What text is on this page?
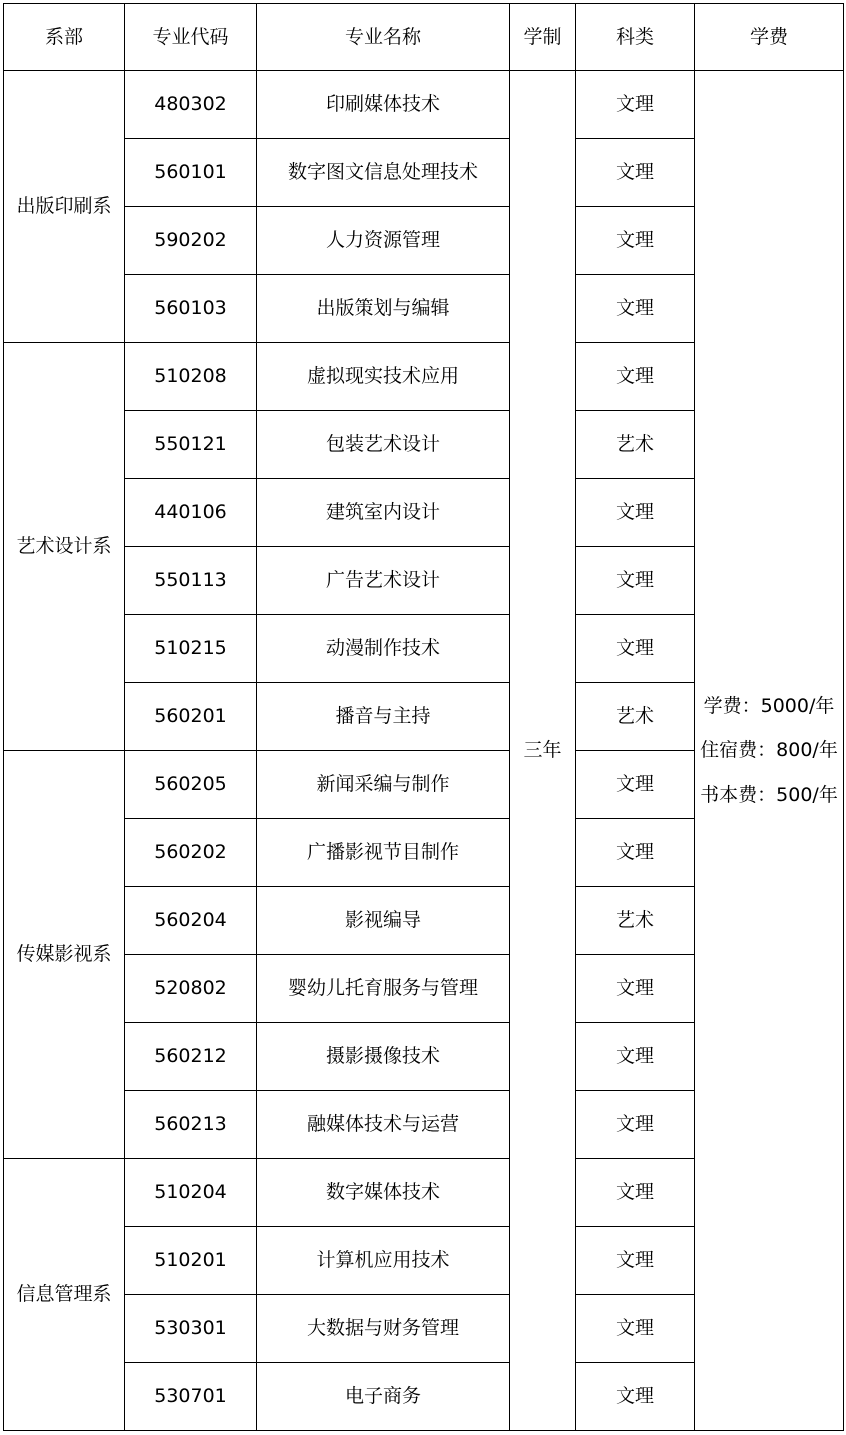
系部	专业代码	专业名称	学制	科类	学费
出版印刷系	480302	印刷媒体技术	三年	文理	学费：5000/年
住宿费：800/年
书本费：500/年

	560101	数字图文信息处理技术		文理	
	590202	人力资源管理		文理	
	560103	出版策划与编辑		文理	
艺术设计系	510208	虚拟现实技术应用		文理	
	550121	包装艺术设计		艺术	
	440106	建筑室内设计		文理	
	550113	广告艺术设计		文理	
	510215	动漫制作技术		文理	
	560201	播音与主持		艺术	
传媒影视系	560205	新闻采编与制作		文理	
	560202	广播影视节目制作		文理	
	560204	影视编导		艺术	
	520802	婴幼儿托育服务与管理		文理	
	560212	摄影摄像技术		文理	
	560213	融媒体技术与运营		文理	
信息管理系	510204	数字媒体技术		文理	
	510201	计算机应用技术		文理	
	530301	大数据与财务管理		文理	
	530701	电子商务		文理	
